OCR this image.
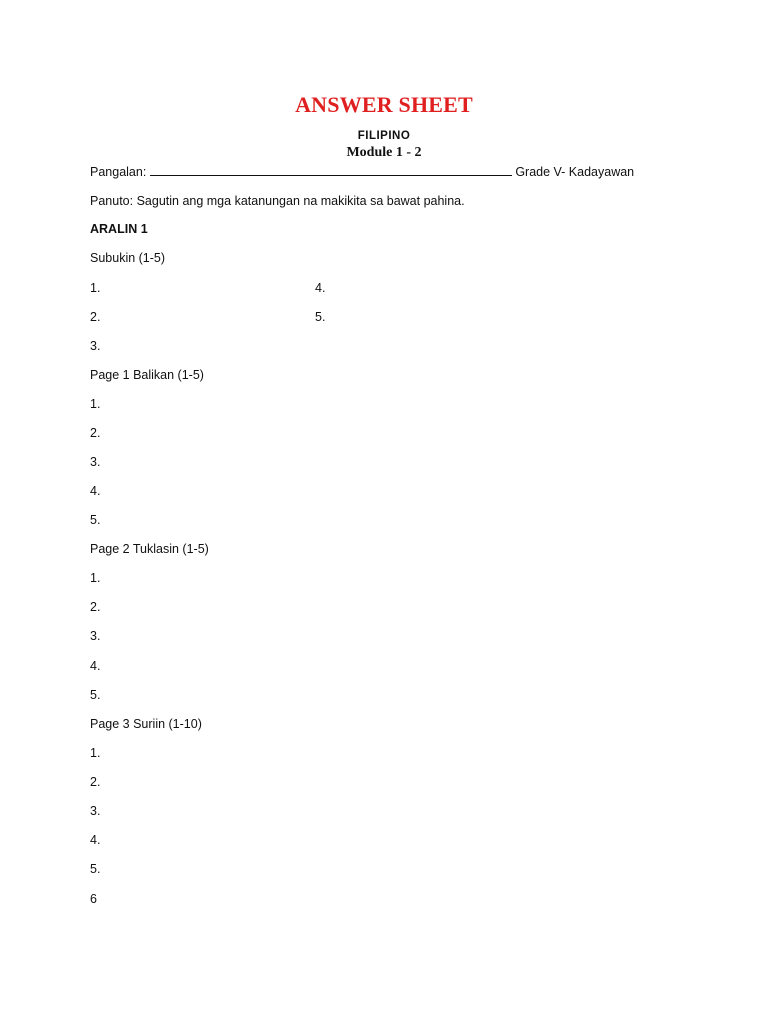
ANSWER SHEET
FILIPINO
Module 1 - 2
Pangalan:	Grade V- Kadayawan
Panuto: Sagutin ang mga katanungan na makikita sa bawat pahina.
ARALIN 1
Subukin (1-5)
1.
2.
3.
4.
5.
Page 1 Balikan (1-5)
1.
2.
3.
4.
5.
Page 2 Tuklasin (1-5)
1.
2.
3.
4.
5.
Page 3 Suriin (1-10)
1.
2.
3.
4.
5.
6
